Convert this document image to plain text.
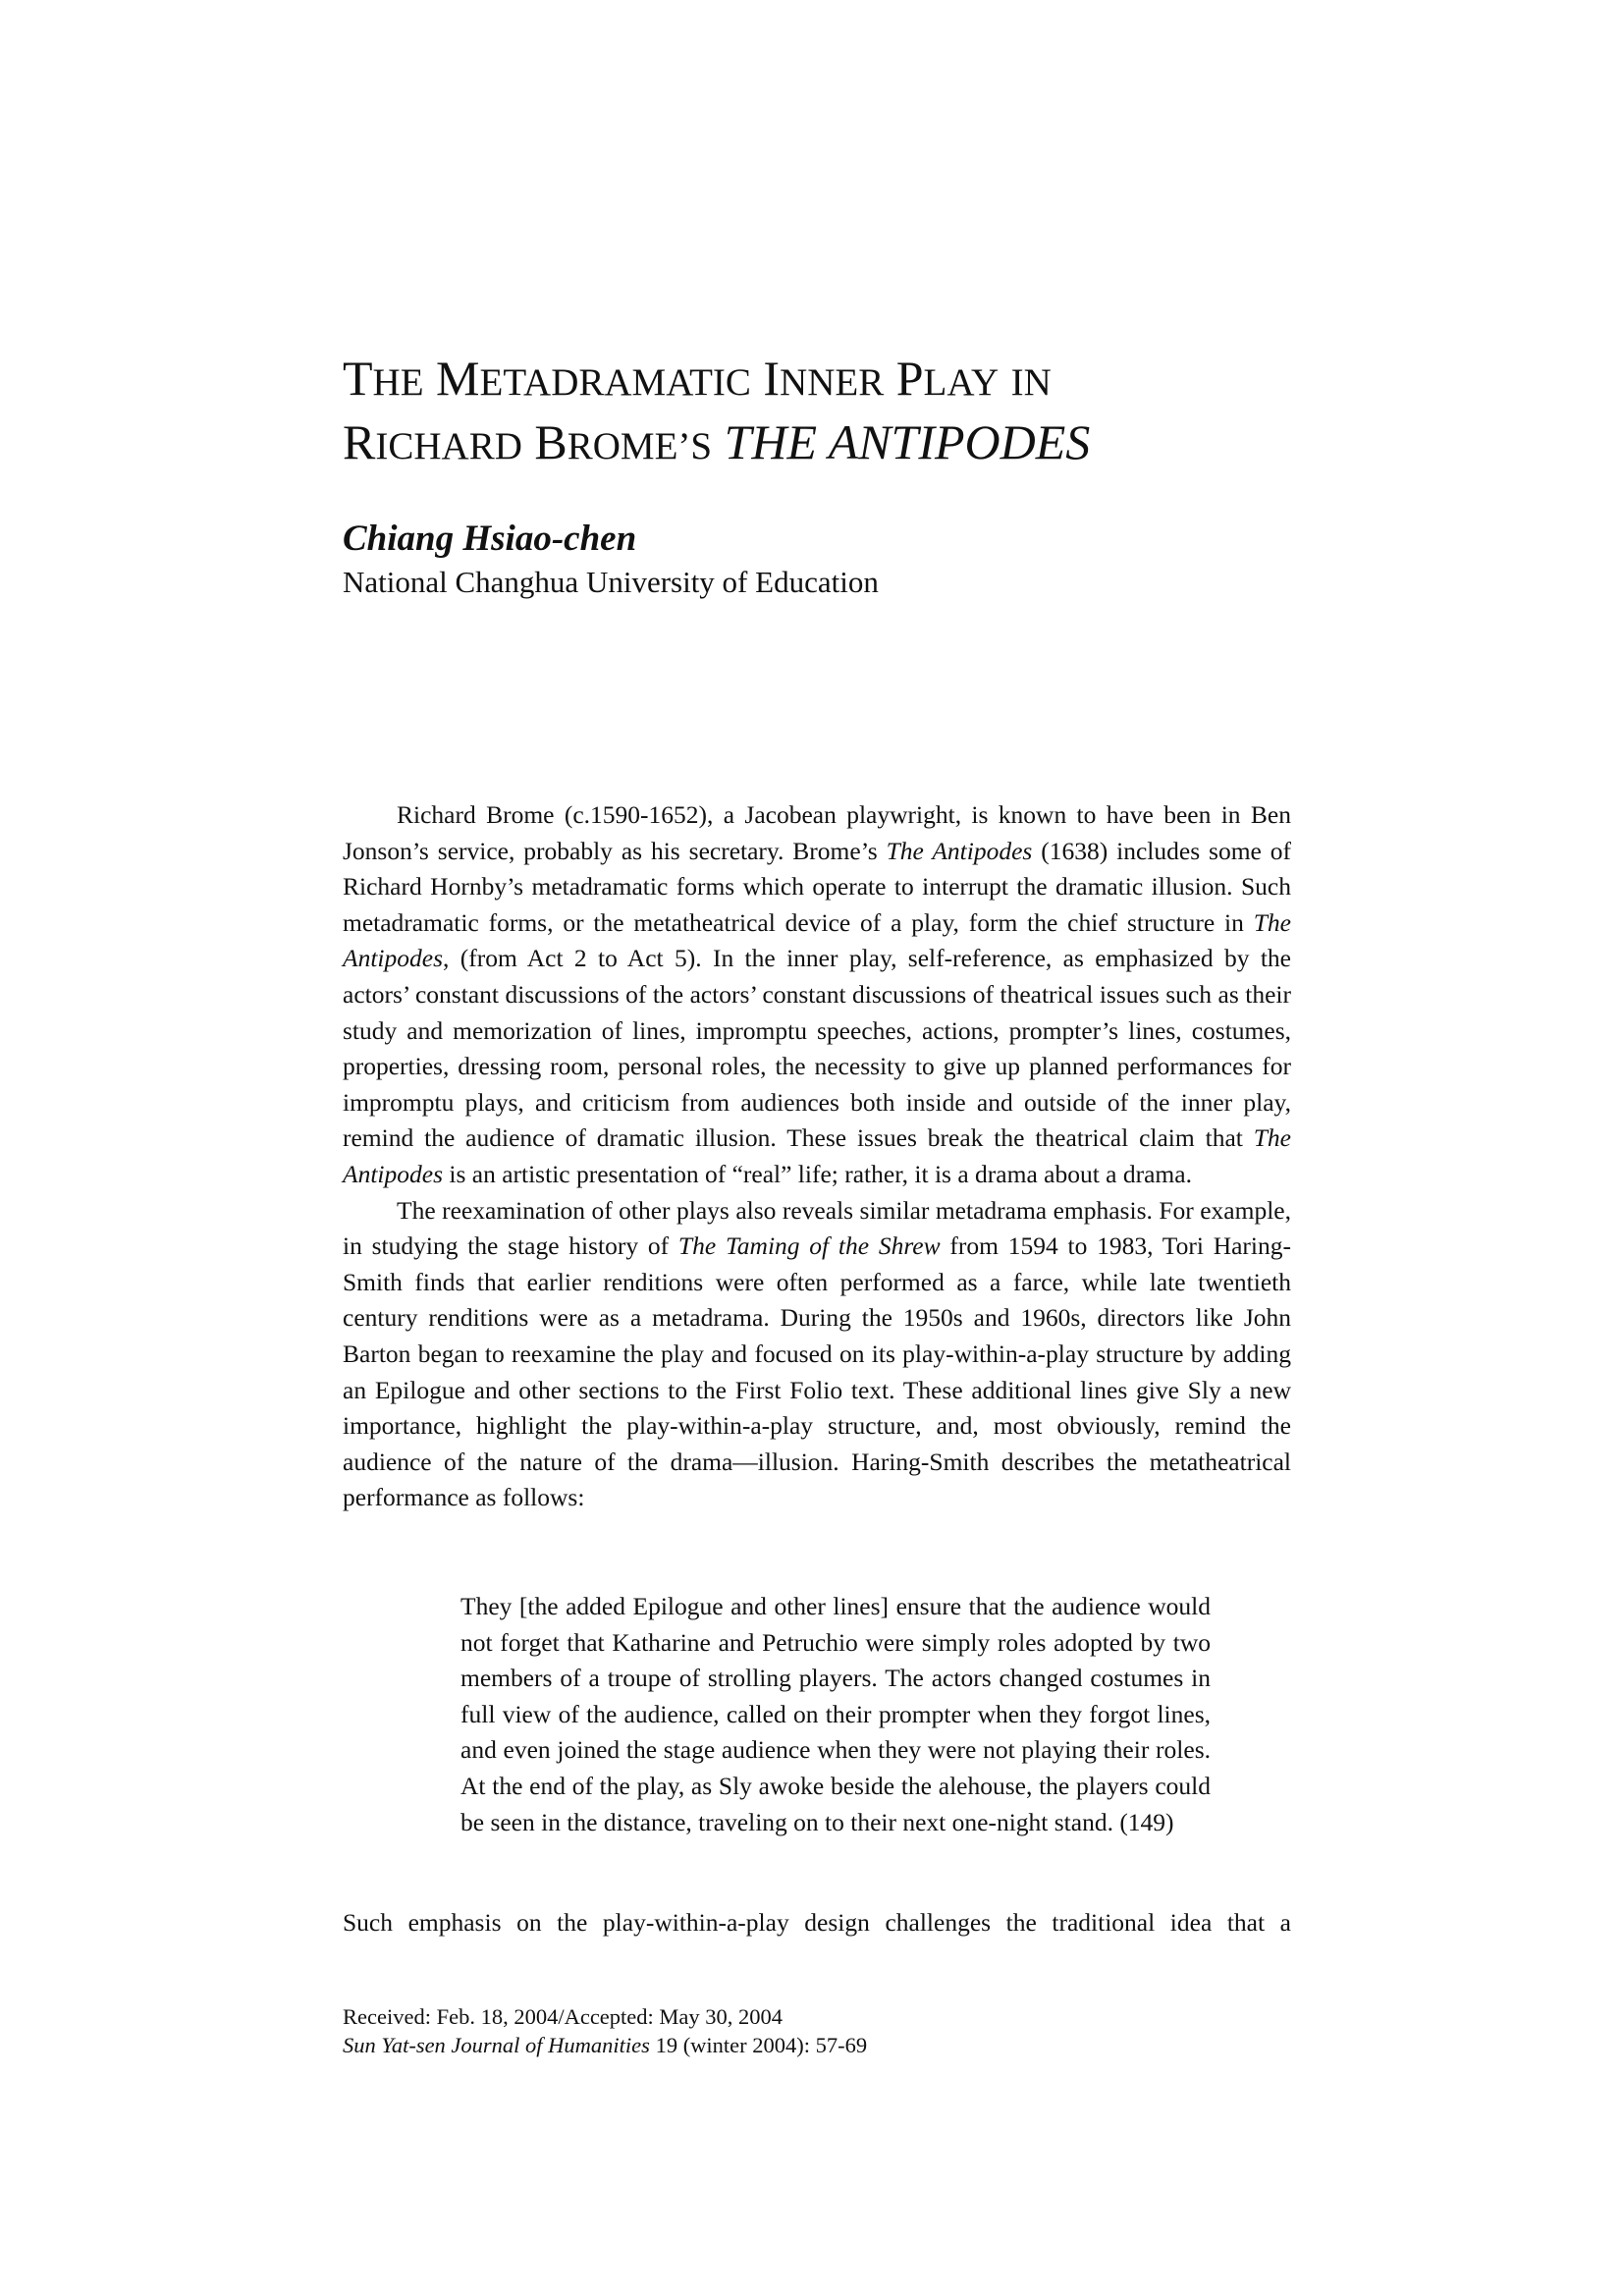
THE METADRAMATIC INNER PLAY IN
RICHARD BROME’S THE ANTIPODES
Chiang Hsiao-chen
National Changhua University of Education

Richard Brome (c.1590-1652), a Jacobean playwright, is known to have been in Ben Jonson’s service, probably as his secretary. Brome’s The Antipodes (1638) includes some of Richard Hornby’s metadramatic forms which operate to interrupt the dramatic illusion. Such metadramatic forms, or the metatheatrical device of a play, form the chief structure in The Antipodes, (from Act 2 to Act 5). In the inner play, self-reference, as emphasized by the actors’ constant discussions of the actors’ constant discussions of theatrical issues such as their study and memorization of lines, impromptu speeches, actions, prompter’s lines, costumes, properties, dressing room, personal roles, the necessity to give up planned performances for impromptu plays, and criticism from audiences both inside and outside of the inner play, remind the audience of dramatic illusion. These issues break the theatrical claim that The Antipodes is an artistic presentation of “real” life; rather, it is a drama about a drama.

The reexamination of other plays also reveals similar metadrama emphasis. For example, in studying the stage history of The Taming of the Shrew from 1594 to 1983, Tori Haring-Smith finds that earlier renditions were often performed as a farce, while late twentieth century renditions were as a metadrama. During the 1950s and 1960s, directors like John Barton began to reexamine the play and focused on its play-within-a-play structure by adding an Epilogue and other sections to the First Folio text. These additional lines give Sly a new importance, highlight the play-within-a-play structure, and, most obviously, remind the audience of the nature of the drama—illusion. Haring-Smith describes the metatheatrical performance as follows:

They [the added Epilogue and other lines] ensure that the audience would not forget that Katharine and Petruchio were simply roles adopted by two members of a troupe of strolling players. The actors changed costumes in full view of the audience, called on their prompter when they forgot lines, and even joined the stage audience when they were not playing their roles. At the end of the play, as Sly awoke beside the alehouse, the players could be seen in the distance, traveling on to their next one-night stand. (149)

Such emphasis on the play-within-a-play design challenges the traditional idea that a

Received: Feb. 18, 2004/Accepted: May 30, 2004
Sun Yat-sen Journal of Humanities 19 (winter 2004): 57-69
